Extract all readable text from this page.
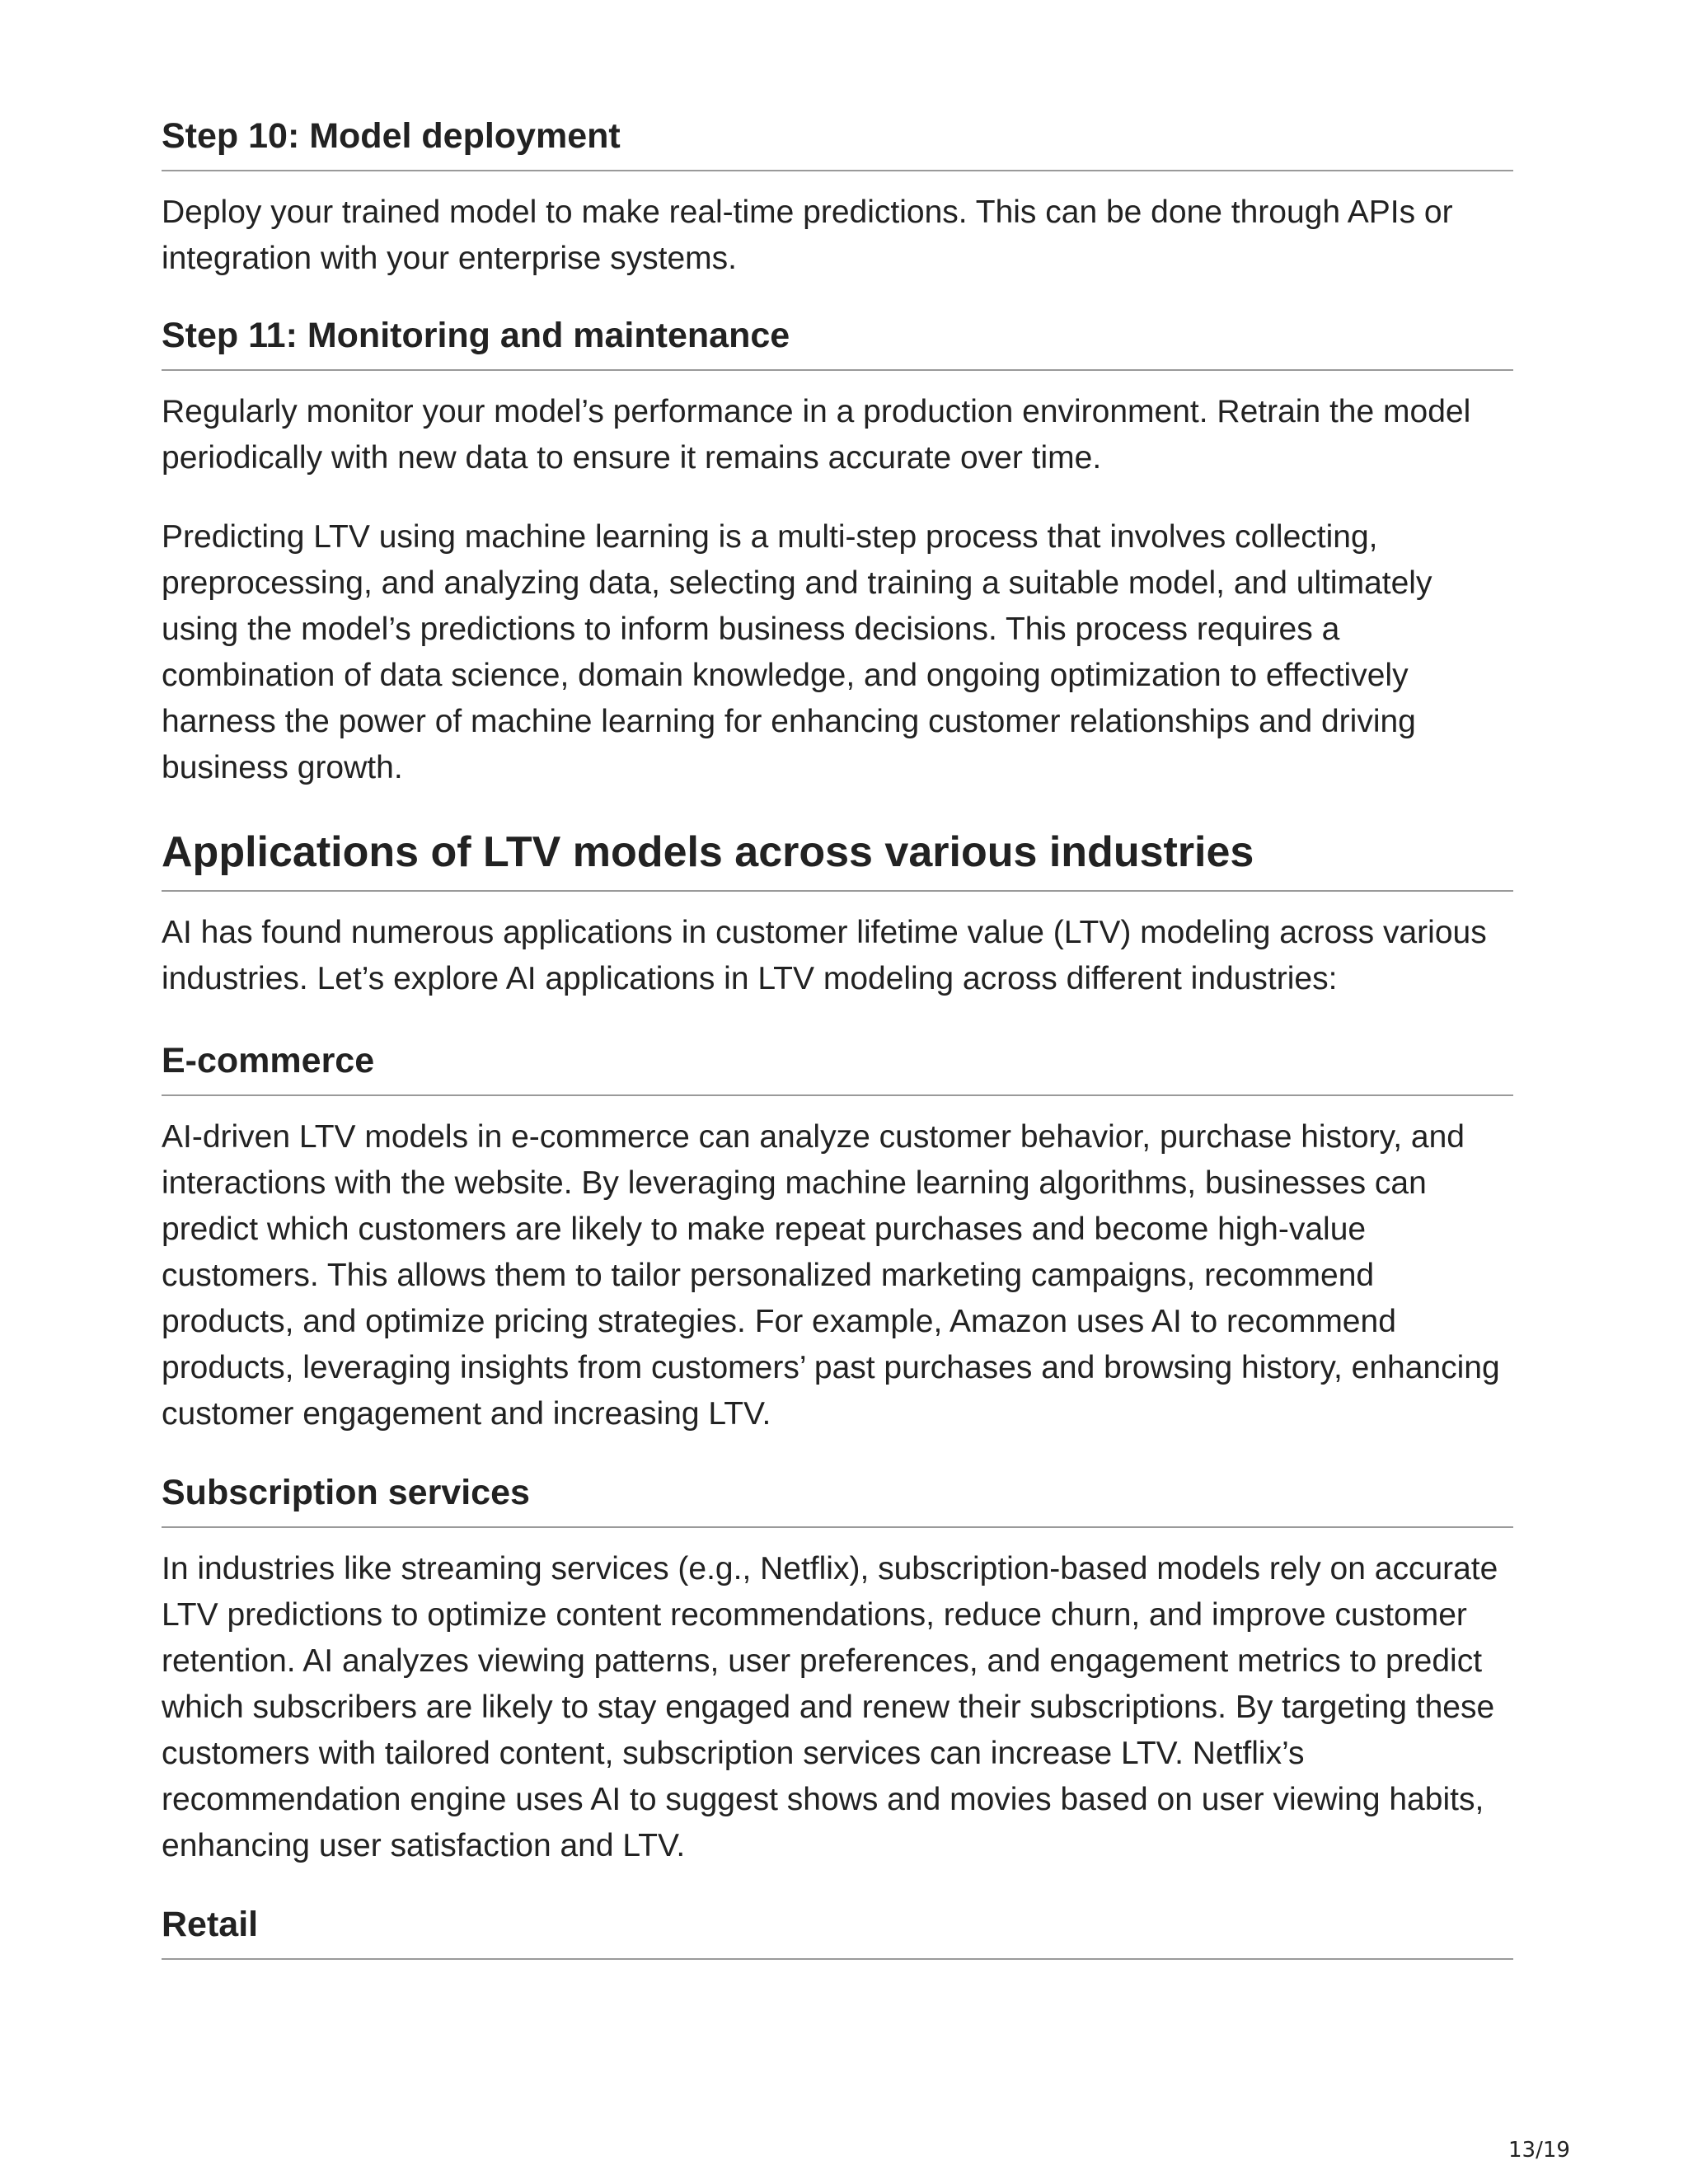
Step 10: Model deployment

Deploy your trained model to make real-time predictions. This can be done through APIs or integration with your enterprise systems.

Step 11: Monitoring and maintenance

Regularly monitor your model’s performance in a production environment. Retrain the model periodically with new data to ensure it remains accurate over time.

Predicting LTV using machine learning is a multi-step process that involves collecting, preprocessing, and analyzing data, selecting and training a suitable model, and ultimately using the model’s predictions to inform business decisions. This process requires a combination of data science, domain knowledge, and ongoing optimization to effectively harness the power of machine learning for enhancing customer relationships and driving business growth.

Applications of LTV models across various industries

AI has found numerous applications in customer lifetime value (LTV) modeling across various industries. Let’s explore AI applications in LTV modeling across different industries:

E-commerce

AI-driven LTV models in e-commerce can analyze customer behavior, purchase history, and interactions with the website. By leveraging machine learning algorithms, businesses can predict which customers are likely to make repeat purchases and become high-value customers. This allows them to tailor personalized marketing campaigns, recommend products, and optimize pricing strategies. For example, Amazon uses AI to recommend products, leveraging insights from customers’ past purchases and browsing history, enhancing customer engagement and increasing LTV.

Subscription services

In industries like streaming services (e.g., Netflix), subscription-based models rely on accurate LTV predictions to optimize content recommendations, reduce churn, and improve customer retention. AI analyzes viewing patterns, user preferences, and engagement metrics to predict which subscribers are likely to stay engaged and renew their subscriptions. By targeting these customers with tailored content, subscription services can increase LTV. Netflix’s recommendation engine uses AI to suggest shows and movies based on user viewing habits, enhancing user satisfaction and LTV.

Retail
13/19
